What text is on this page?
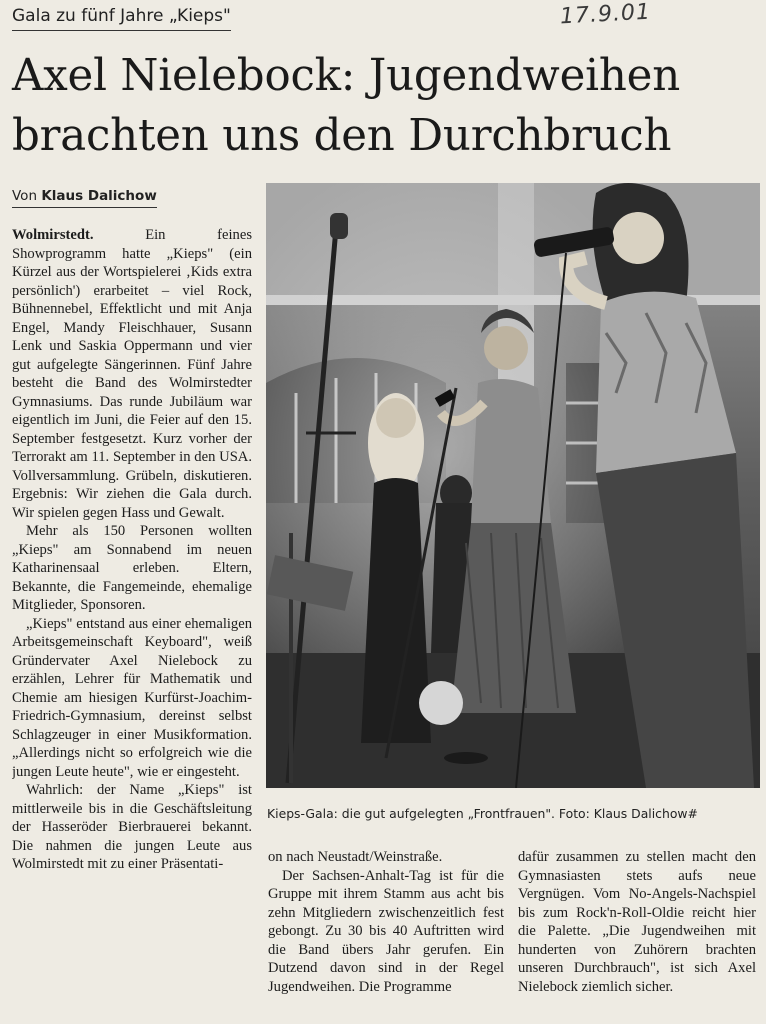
Gala zu fünf Jahre „Kieps"	17.9.01
Axel Nielebock: Jugendweihen
brachten uns den Durchbruch
Von Klaus Dalichow

Wolmirstedt.	Ein feines Showprogramm hatte „Kieps" (ein Kürzel aus der Wortspielerei ‚Kids extra persönlich') erarbeitet – viel Rock, Bühnennebel, Effektlicht und mit Anja Engel, Mandy Fleischhauer, Susann Lenk und Saskia Oppermann und vier gut aufgelegte Sängerinnen. Fünf Jahre besteht die Band des Wolmirstedter Gymnasiums. Das runde Jubiläum war eigentlich im Juni, die Feier auf den 15. September festgesetzt. Kurz vorher der Terrorakt am 11. September in den USA. Vollversammlung. Grübeln, diskutieren. Ergebnis: Wir ziehen die Gala durch. Wir spielen gegen Hass und Gewalt.

Mehr als 150 Personen wollten „Kieps" am Sonnabend im neuen Katharinensaal erleben. Eltern, Bekannte, die Fangemeinde, ehemalige Mitglieder, Sponsoren.

„Kieps" entstand aus einer ehemaligen Arbeitsgemeinschaft Keyboard", weiß Gründervater Axel Nielebock zu erzählen, Lehrer für Mathematik und Chemie am hiesigen Kurfürst-Joachim-Friedrich-Gymnasium, dereinst selbst Schlagzeuger in einer Musikformation. „Allerdings nicht so erfolgreich wie die jungen Leute heute", wie er eingesteht.

Wahrlich: der Name „Kieps" ist mittlerweile bis in die Geschäftsleitung der Hasseröder Bierbrauerei bekannt. Die nahmen die jungen Leute aus Wolmirstedt mit zu einer Präsentati-

Kieps-Gala: die gut aufgelegten „Frontfrauen". Foto: Klaus Dalichow#

on nach Neustadt/Weinstraße.

Der Sachsen-Anhalt-Tag ist für die Gruppe mit ihrem Stamm aus acht bis zehn Mitgliedern zwischenzeitlich fest gebongt. Zu 30 bis 40 Auftritten wird die Band übers Jahr gerufen. Ein Dutzend davon sind in der Regel Jugendweihen. Die Programme

dafür zusammen zu stellen macht den Gymnasiasten stets aufs neue Vergnügen. Vom No-Angels-Nachspiel bis zum Rock'n-Roll-Oldie reicht hier die Palette. „Die Jugendweihen mit hunderten von Zuhörern brachten unseren Durchbrauch", ist sich Axel Nielebock ziemlich sicher.
